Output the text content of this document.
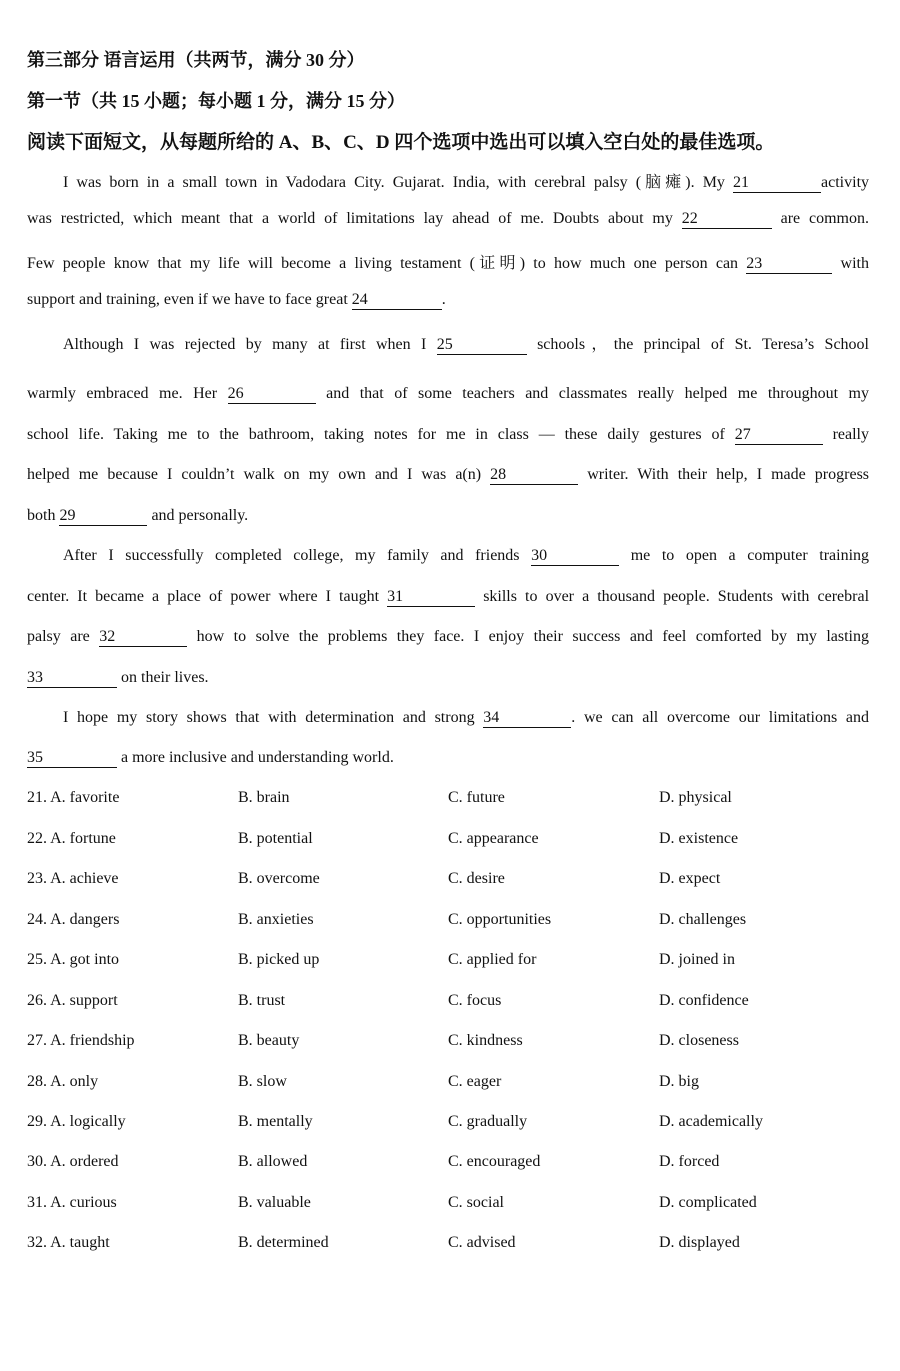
第三部分 语言运用（共两节，满分 30 分）
第一节（共 15 小题；每小题 1 分，满分 15 分）
阅读下面短文，从每题所给的 A、B、C、D 四个选项中选出可以填入空白处的最佳选项。
I was born in a small town in Vadodara City. Gujarat. India, with cerebral palsy (脑瘫). My 21	activity
was restricted, which meant that a world of limitations lay ahead of me. Doubts about my 22	are common.
Few people know that my life will become a living testament (证明) to how much one person can 23	with
support and training, even if we have to face great 24	.
Although I was rejected by many at first when I 25	schools，the principal of St. Teresa’s School
warmly embraced me. Her 26	and that of some teachers and classmates really helped me throughout my
school life. Taking me to the bathroom, taking notes for me in class — these daily gestures of 27	really
helped me because I couldn’t walk on my own and I was a(n) 28	writer. With their help, I made progress
both 29	and personally.
After I successfully completed college, my family and friends 30	me to open a computer training
center. It became a place of power where I taught 31	skills to over a thousand people. Students with cerebral
palsy are 32	how to solve the problems they face. I enjoy their success and feel comforted by my lasting
33	on their lives.
I hope my story shows that with determination and strong 34	. we can all overcome our limitations and
35	a more inclusive and understanding world.
21. A. favorite	B. brain	C. future	D. physical
22. A. fortune	B. potential	C. appearance	D. existence
23. A. achieve	B. overcome	C. desire	D. expect
24. A. dangers	B. anxieties	C. opportunities	D. challenges
25. A. got into	B. picked up	C. applied for	D. joined in
26. A. support	B. trust	C. focus	D. confidence
27. A. friendship	B. beauty	C. kindness	D. closeness
28. A. only	B. slow	C. eager	D. big
29. A. logically	B. mentally	C. gradually	D. academically
30. A. ordered	B. allowed	C. encouraged	D. forced
31. A. curious	B. valuable	C. social	D. complicated
32. A. taught	B. determined	C. advised	D. displayed
